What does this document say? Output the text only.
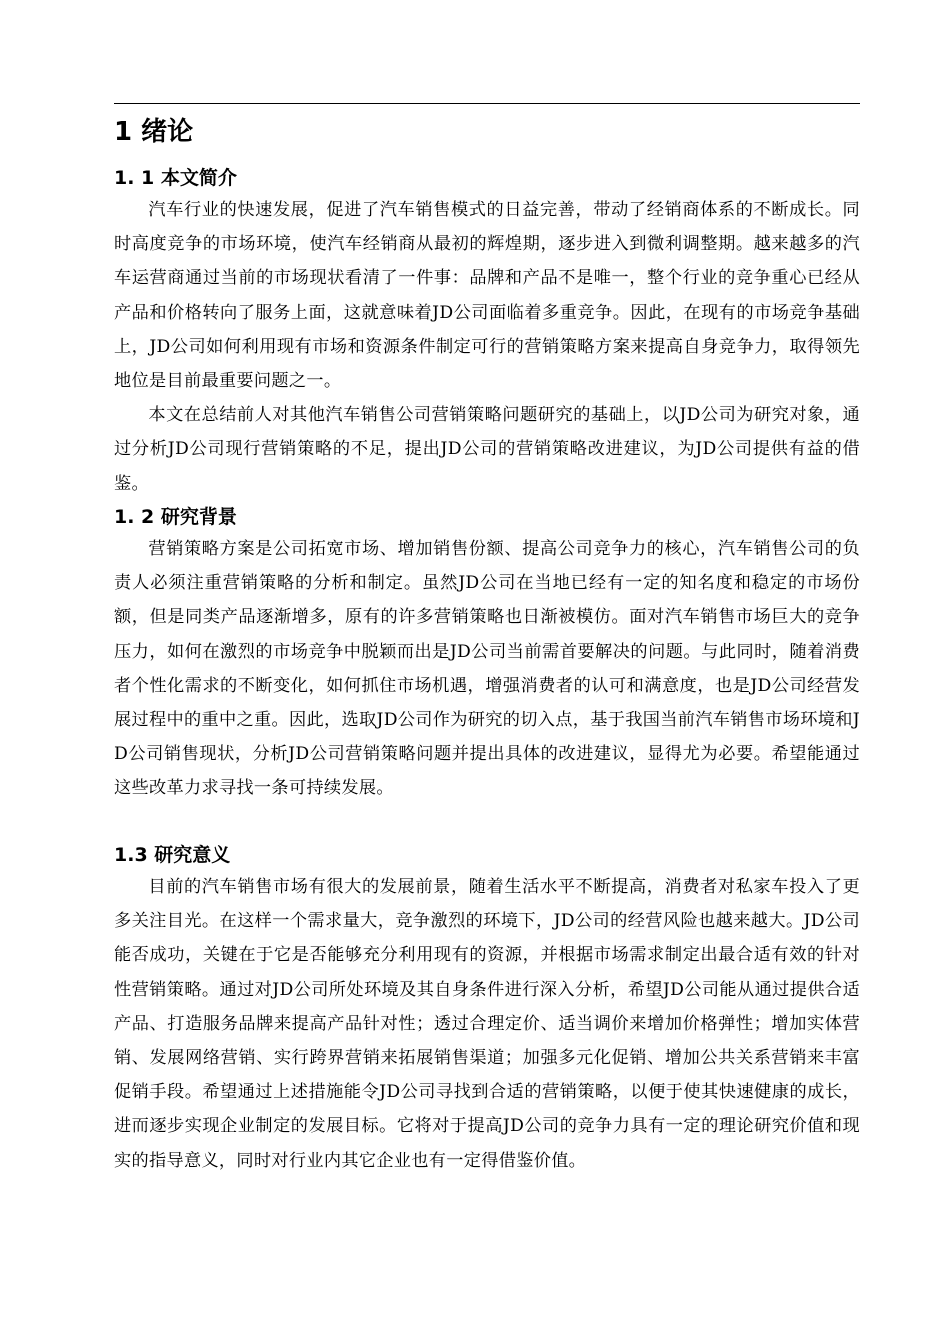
1 绪论
1. 1 本文简介

汽车行业的快速发展，促进了汽车销售模式的日益完善，带动了经销商体系的不断成长。同时高度竞争的市场环境，使汽车经销商从最初的辉煌期，逐步进入到微利调整期。越来越多的汽车运营商通过当前的市场现状看清了一件事：品牌和产品不是唯一，整个行业的竞争重心已经从产品和价格转向了服务上面，这就意味着JD公司面临着多重竞争。因此，在现有的市场竞争基础上，JD公司如何利用现有市场和资源条件制定可行的营销策略方案来提高自身竞争力，取得领先地位是目前最重要问题之一。

本文在总结前人对其他汽车销售公司营销策略问题研究的基础上，以JD公司为研究对象，通过分析JD公司现行营销策略的不足，提出JD公司的营销策略改进建议，为JD公司提供有益的借鉴。

1. 2 研究背景

营销策略方案是公司拓宽市场、增加销售份额、提高公司竞争力的核心，汽车销售公司的负责人必须注重营销策略的分析和制定。虽然JD公司在当地已经有一定的知名度和稳定的市场份额，但是同类产品逐渐增多，原有的许多营销策略也日渐被模仿。面对汽车销售市场巨大的竞争压力，如何在激烈的市场竞争中脱颖而出是JD公司当前需首要解决的问题。与此同时，随着消费者个性化需求的不断变化，如何抓住市场机遇，增强消费者的认可和满意度，也是JD公司经营发展过程中的重中之重。因此，选取JD公司作为研究的切入点，基于我国当前汽车销售市场环境和JD公司销售现状，分析JD公司营销策略问题并提出具体的改进建议，显得尤为必要。希望能通过这些改革力求寻找一条可持续发展。

1.3 研究意义

目前的汽车销售市场有很大的发展前景，随着生活水平不断提高，消费者对私家车投入了更多关注目光。在这样一个需求量大，竞争激烈的环境下，JD公司的经营风险也越来越大。JD公司能否成功，关键在于它是否能够充分利用现有的资源，并根据市场需求制定出最合适有效的针对性营销策略。通过对JD公司所处环境及其自身条件进行深入分析，希望JD公司能从通过提供合适产品、打造服务品牌来提高产品针对性；透过合理定价、适当调价来增加价格弹性；增加实体营销、发展网络营销、实行跨界营销来拓展销售渠道；加强多元化促销、增加公共关系营销来丰富促销手段。希望通过上述措施能令JD公司寻找到合适的营销策略，以便于使其快速健康的成长，进而逐步实现企业制定的发展目标。它将对于提高JD公司的竞争力具有一定的理论研究价值和现实的指导意义，同时对行业内其它企业也有一定得借鉴价值。
